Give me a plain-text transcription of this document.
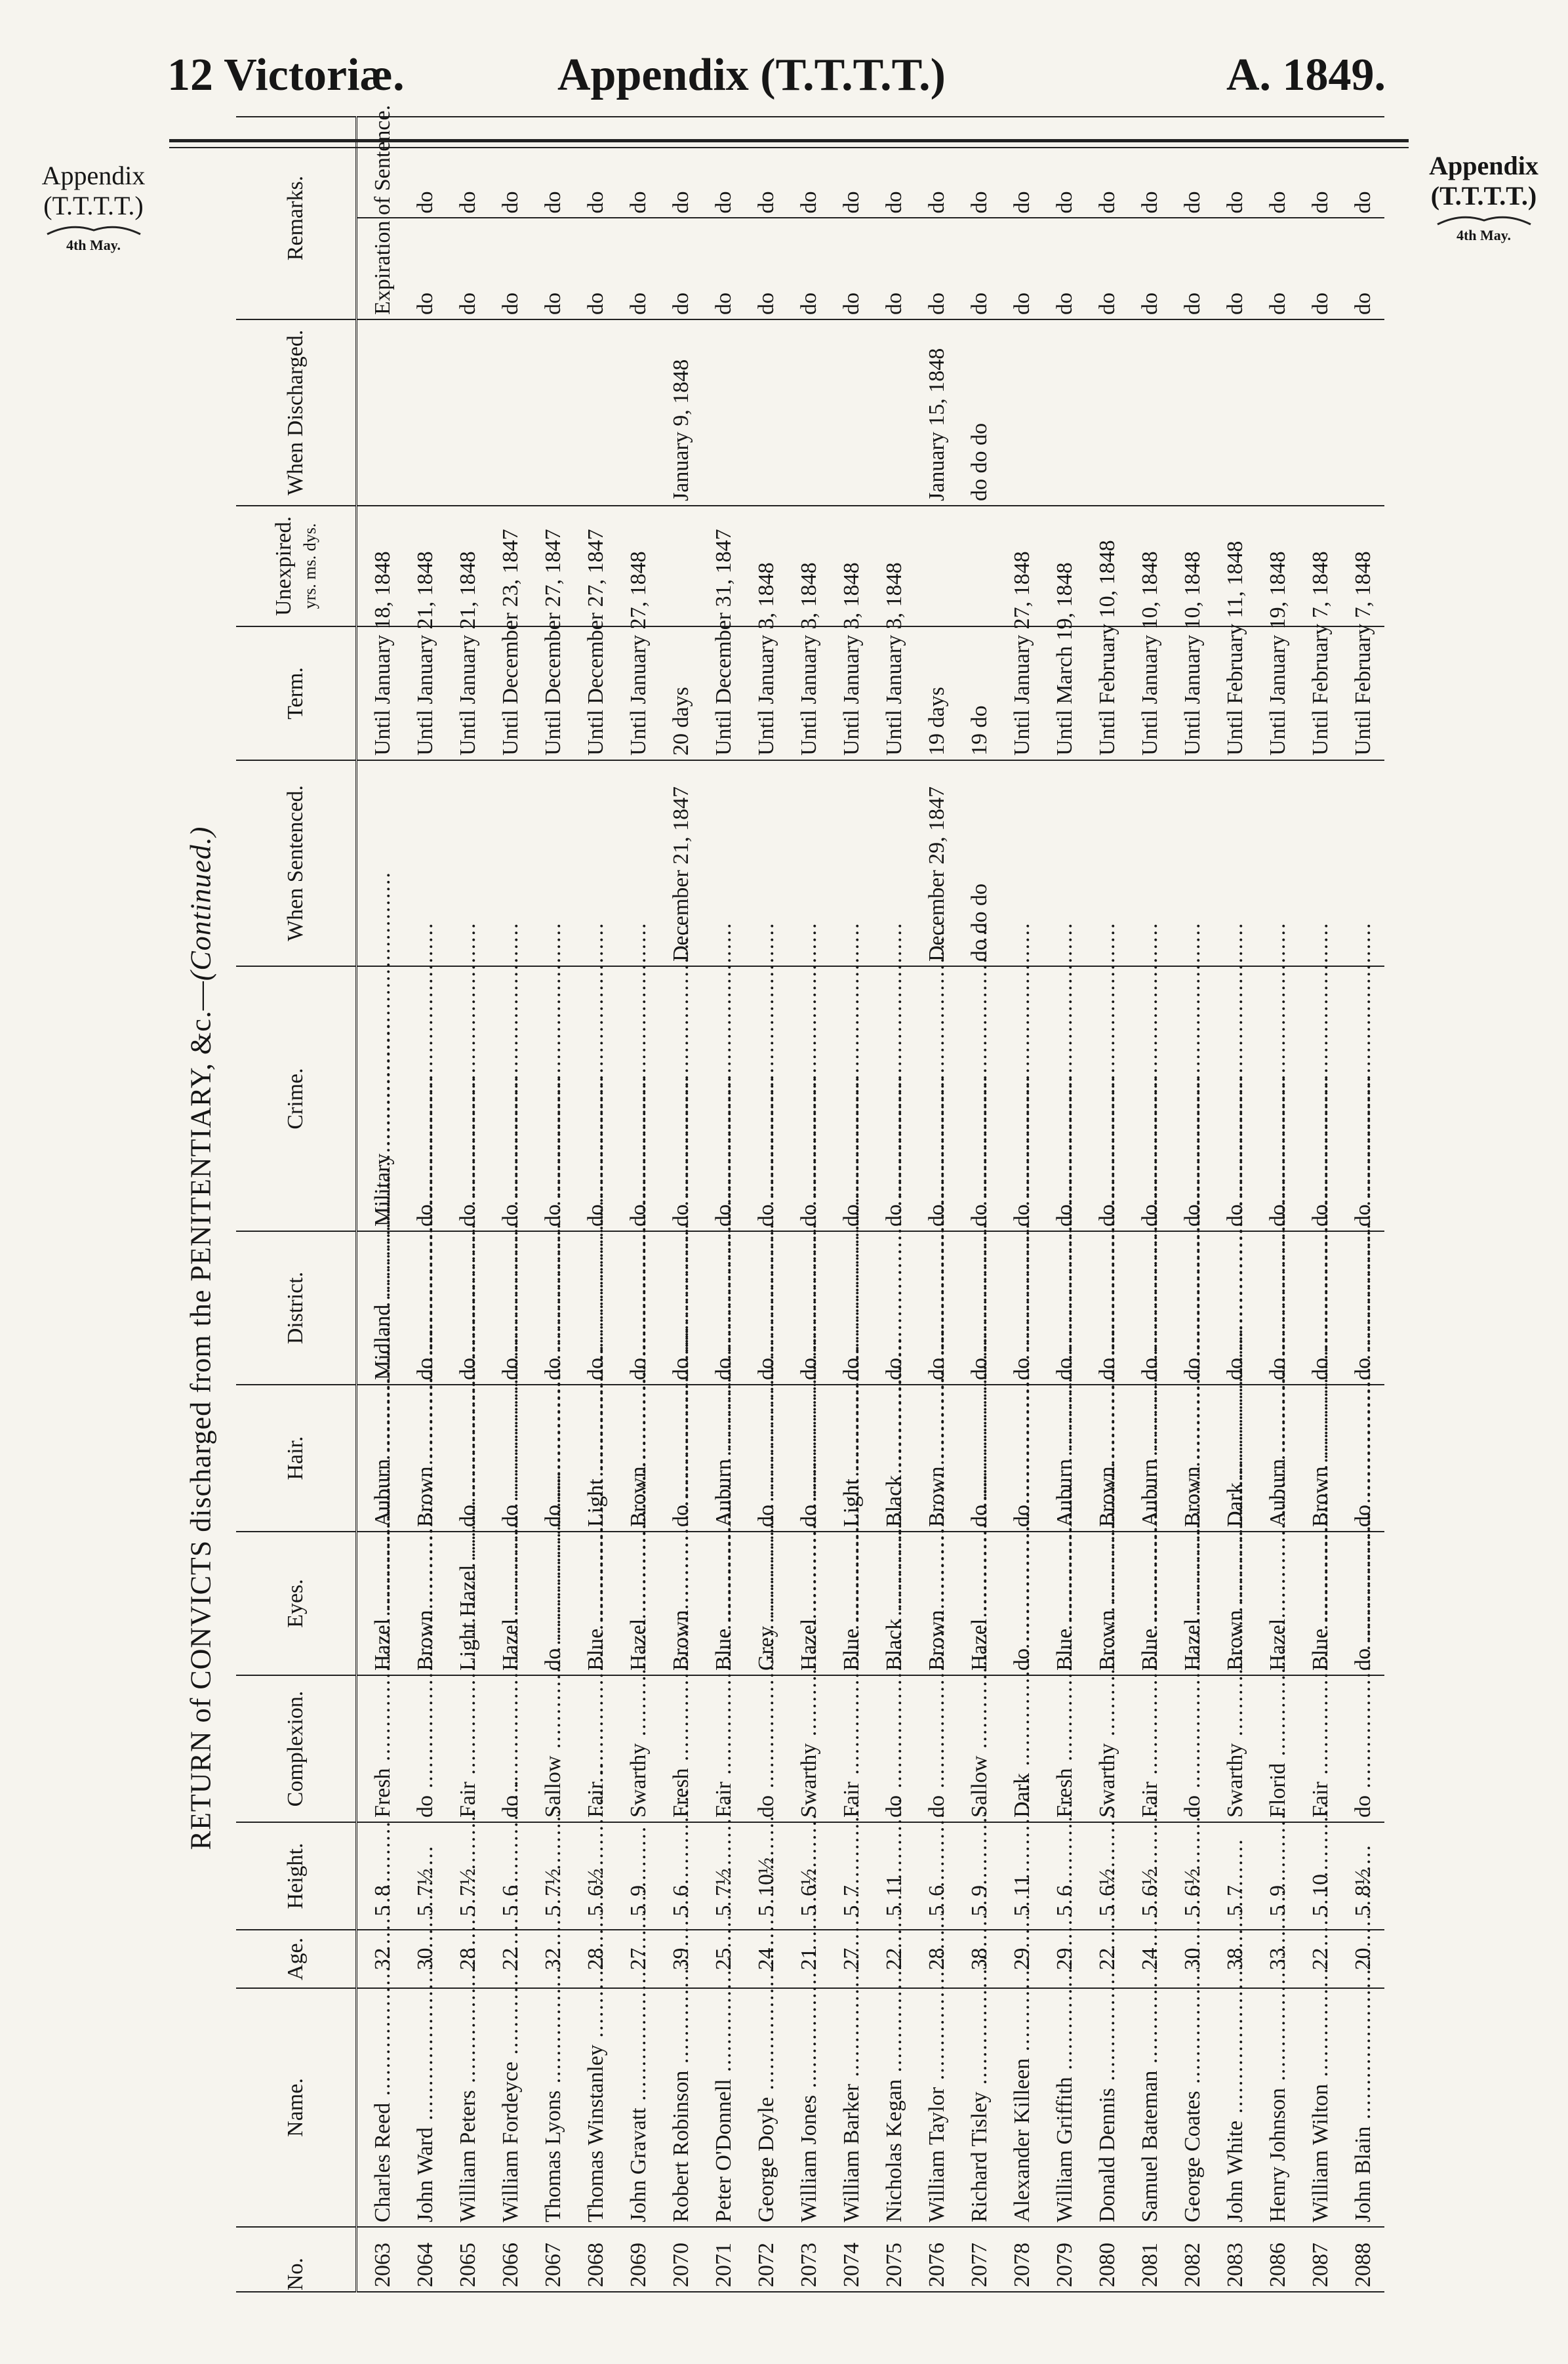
12 Victoriæ.	Appendix (T.T.T.T.)	A. 1849.
Appendix
(T.T.T.T.)
4th May.
Appendix
(T.T.T.T.)
4th May.
RETURN of CONVICTS discharged from the PENITENTIARY, &c.—(Continued.)
No.	Name.	Age.	Height.	Complexion.	Eyes.	Hair.	District.	Crime.	When Sentenced.	Term.	Unexpired. yrs. ms. dys.	When Discharged.	Remarks.	
2063	Charles Reed .....	32	58	Fresh .....	Hazel .....	Auburn .....	Midland .....	Military .....		Until January 18, 1848			Expiration of Sentence.	
2064	John Ward .....	30	57½	do .....	Brown .....	Brown .....	do .....	do .....		Until January 21, 1848			do	do
2065	William Peters .....	28	57½	Fair .....	Light Hazel .....	do .....	do .....	do .....		Until January 21, 1848			do	do
2066	William Fordeyce .....	22	56	do .....	Hazel .....	do .....	do .....	do .....		Until December 23, 1847			do	do
2067	Thomas Lyons .....	32	57½	Sallow .....	do .....	do .....	do .....	do .....		Until December 27, 1847			do	do
2068	Thomas Winstanley .....	28	56½	Fair .....	Blue .....	Light .....	do .....	do .....		Until December 27, 1847			do	do
2069	John Gravatt .....	27	59	Swarthy .....	Hazel .....	Brown .....	do .....	do .....		Until January 27, 1848			do	do
2070	Robert Robinson .....	39	56	Fresh .....	Brown .....	do .....	do .....	do .....	December 21, 1847	20 days		January 9, 1848	do	do
2071	Peter O'Donnell .....	25	57½	Fair .....	Blue .....	Auburn .....	do .....	do .....		Until December 31, 1847			do	do
2072	George Doyle .....	24	510½	do .....	Grey .....	do .....	do .....	do .....		Until January 3, 1848			do	do
2073	William Jones .....	21	56½	Swarthy .....	Hazel .....	do .....	do .....	do .....		Until January 3, 1848			do	do
2074	William Barker .....	27	57	Fair .....	Blue .....	Light .....	do .....	do .....		Until January 3, 1848			do	do
2075	Nicholas Kegan .....	22	511	do .....	Black .....	Black .....	do .....	do .....		Until January 3, 1848			do	do
2076	William Taylor .....	28	56	do .....	Brown .....	Brown .....	do .....	do .....	December 29, 1847	19 days		January 15, 1848	do	do
2077	Richard Tisley .....	38	59	Sallow .....	Hazel .....	do .....	do .....	do .....	do do do	19 do		do do do	do	do
2078	Alexander Killeen .....	29	511	Dark .....	do .....	do .....	do .....	do .....		Until January 27, 1848			do	do
2079	William Griffith .....	29	56	Fresh .....	Blue .....	Auburn .....	do .....	do .....		Until March 19, 1848			do	do
2080	Donald Dennis .....	22	56½	Swarthy .....	Brown .....	Brown .....	do .....	do .....		Until February 10, 1848			do	do
2081	Samuel Bateman .....	24	56½	Fair .....	Blue .....	Auburn .....	do .....	do .....		Until January 10, 1848			do	do
2082	George Coates .....	30	56½	do .....	Hazel .....	Brown .....	do .....	do .....		Until January 10, 1848			do	do
2083	John White .....	38	57	Swarthy .....	Brown .....	Dark .....	do .....	do .....		Until February 11, 1848			do	do
2086	Henry Johnson .....	33	59	Florid .....	Hazel .....	Auburn .....	do .....	do .....		Until January 19, 1848			do	do
2087	William Wilton .....	22	510	Fair .....	Blue .....	Brown .....	do .....	do .....		Until February 7, 1848			do	do
2088	John Blain .....	20	58½	do .....	do .....	do .....	do .....	do .....		Until February 7, 1848			do	do
